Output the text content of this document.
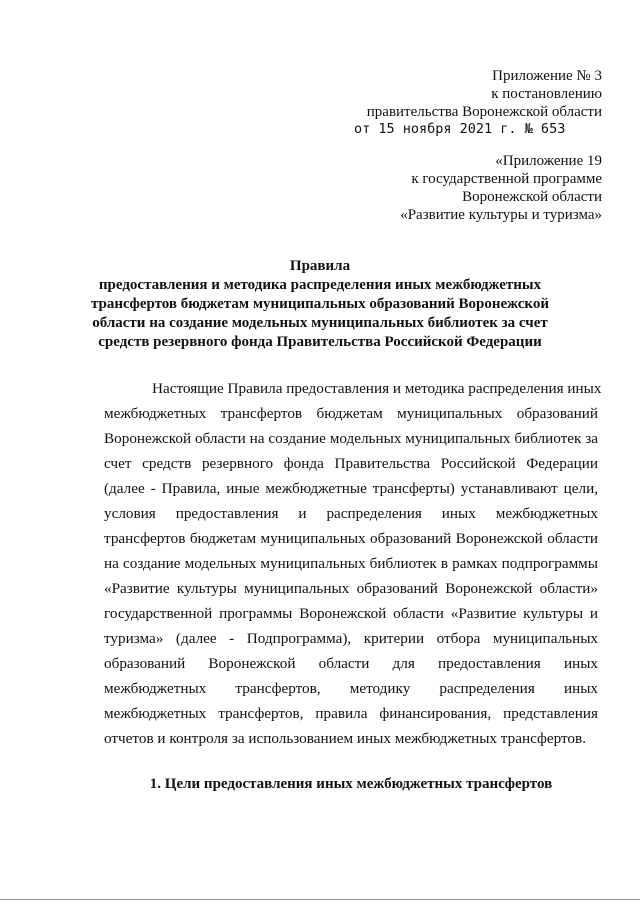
Приложение № 3
к постановлению
правительства Воронежской области
от 15 ноября 2021 г. № 653
«Приложение 19
к государственной программе
Воронежской области
«Развитие культуры и туризма»
Правила
предоставления и методика распределения иных межбюджетных
трансфертов бюджетам муниципальных образований Воронежской
области на создание модельных муниципальных библиотек за счет
средств резервного фонда Правительства Российской Федерации
Настоящие Правила предоставления и методика распределения иных
межбюджетных трансфертов бюджетам муниципальных образований
Воронежской области на создание модельных муниципальных библиотек за
счет средств резервного фонда Правительства Российской Федерации
(далее - Правила, иные межбюджетные трансферты) устанавливают цели,
условия предоставления и распределения иных межбюджетных
трансфертов бюджетам муниципальных образований Воронежской области
на создание модельных муниципальных библиотек в рамках подпрограммы
«Развитие культуры муниципальных образований Воронежской области»
государственной программы Воронежской области «Развитие культуры и
туризма» (далее - Подпрограмма), критерии отбора муниципальных
образований Воронежской области для предоставления иных
межбюджетных трансфертов, методику распределения иных
межбюджетных трансфертов, правила финансирования, представления
отчетов и контроля за использованием иных межбюджетных трансфертов.
1. Цели предоставления иных межбюджетных трансфертов
